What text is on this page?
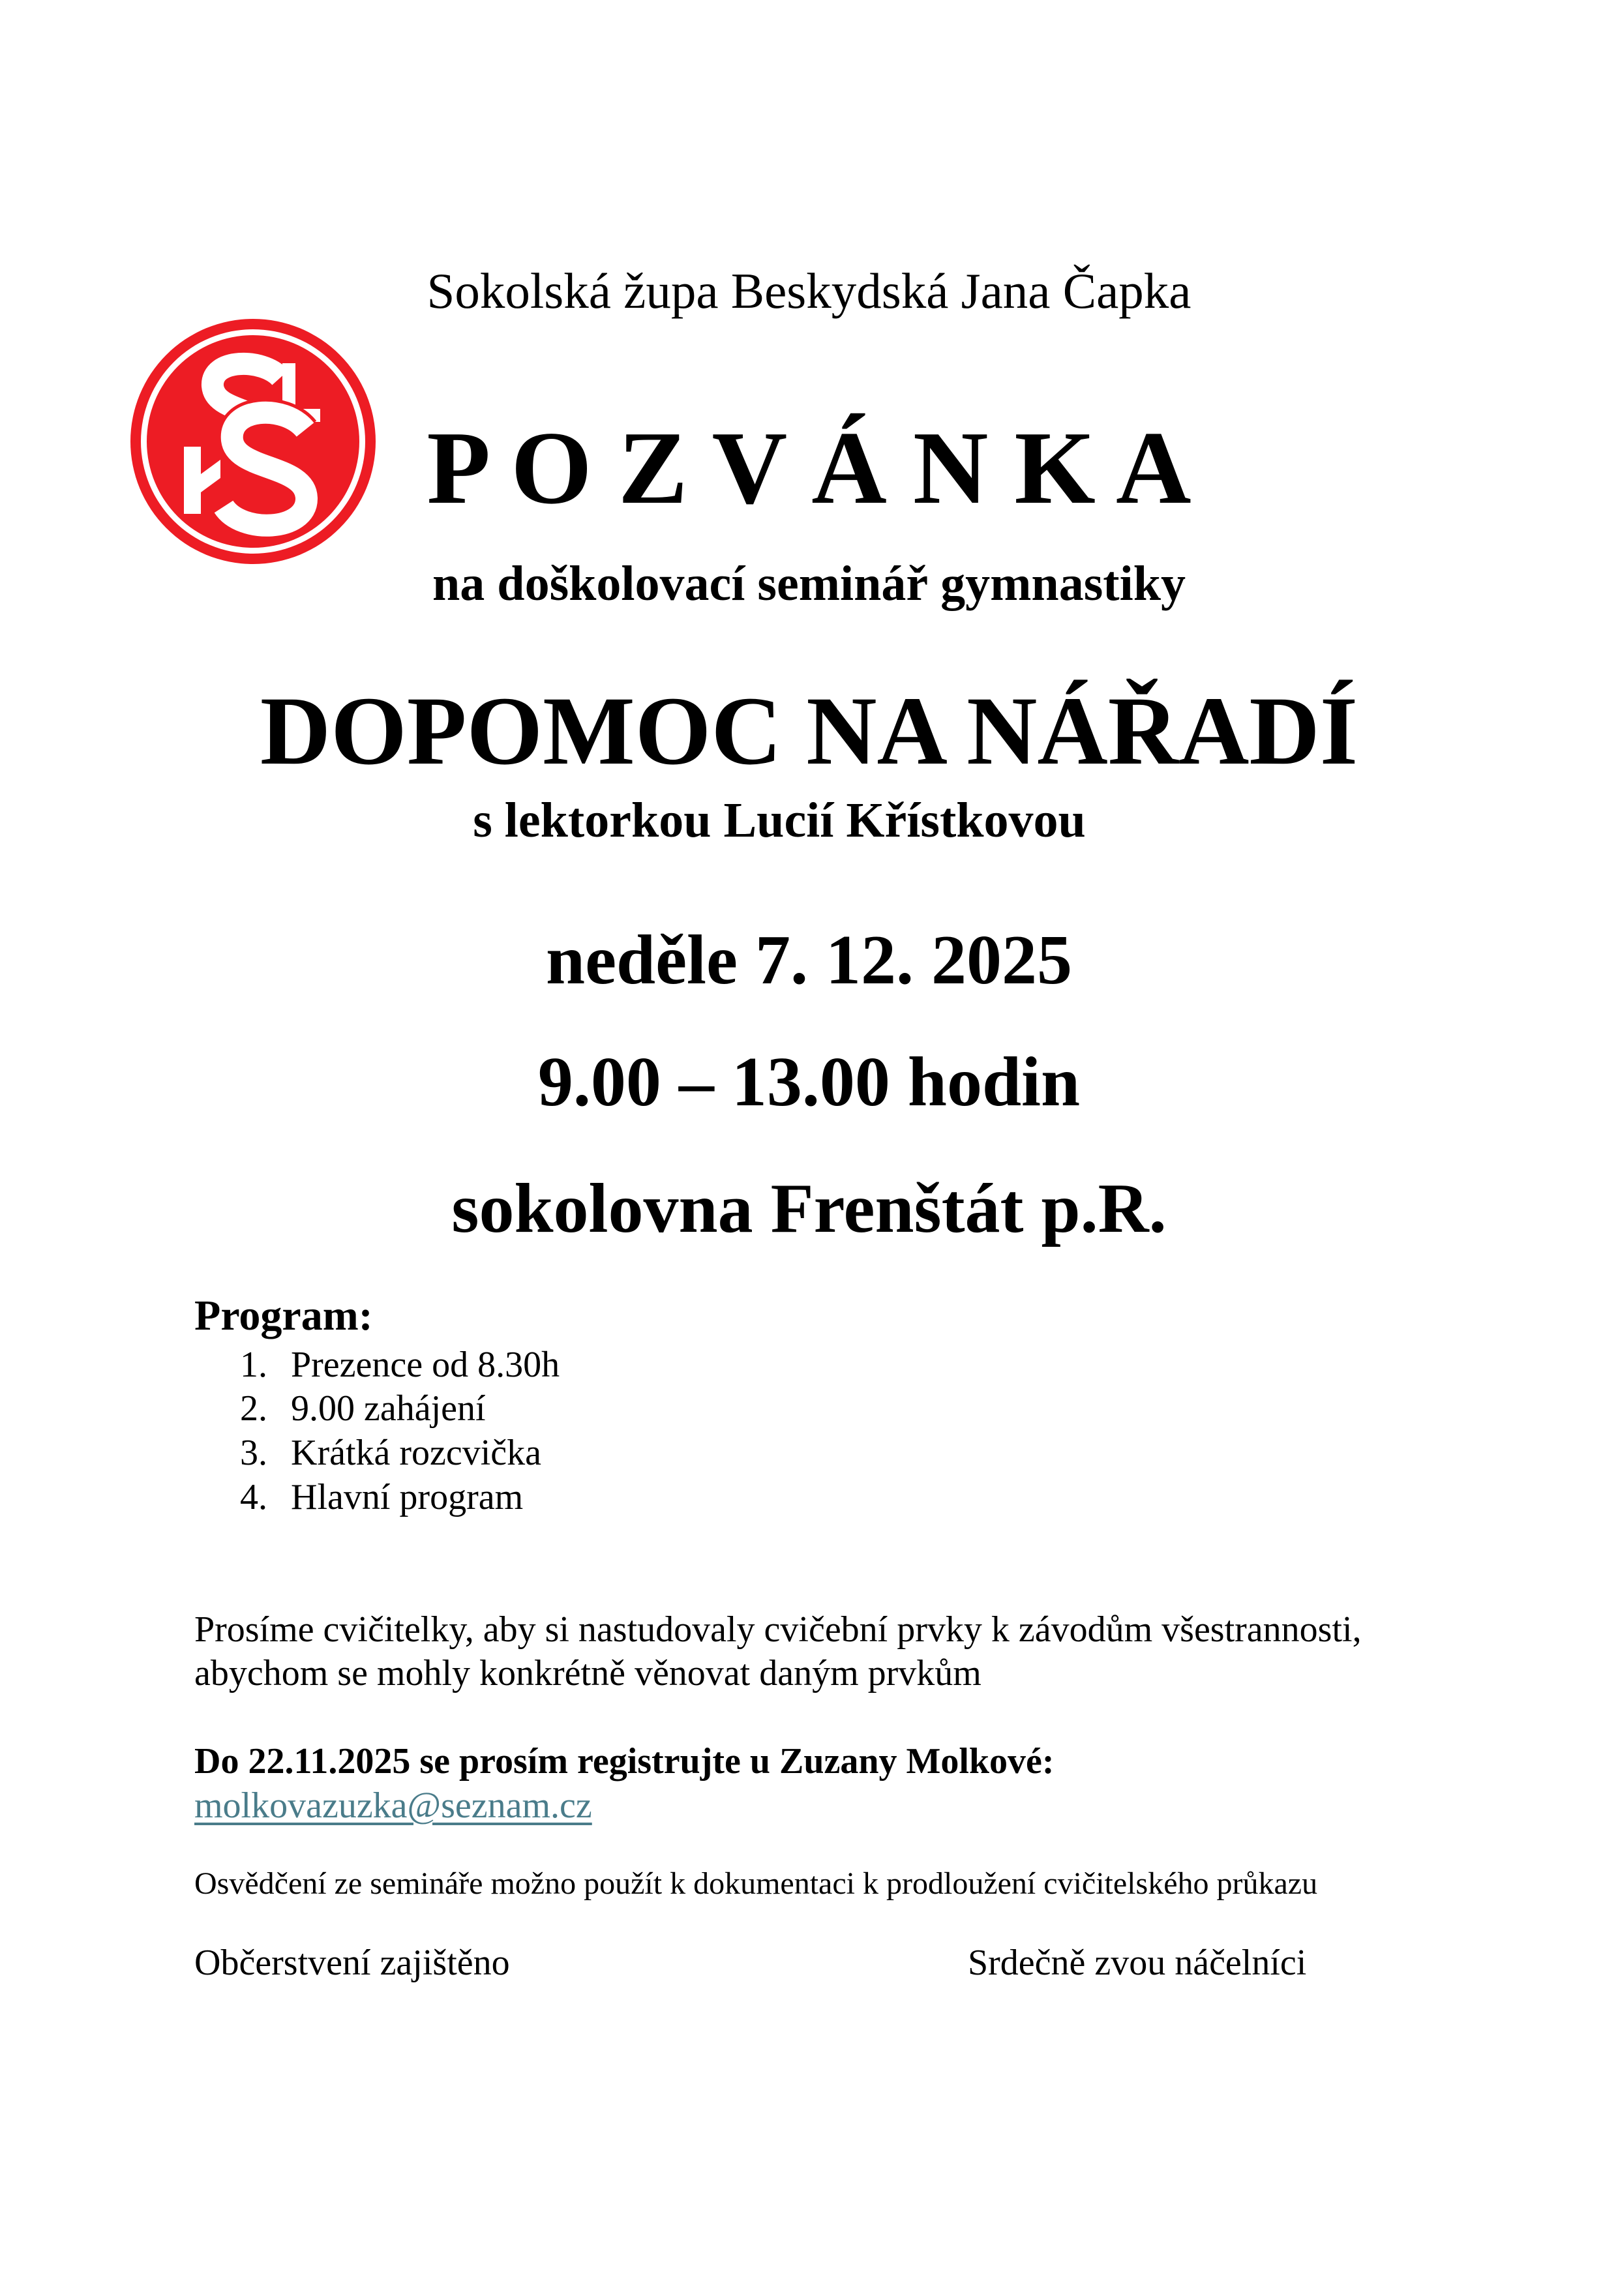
Sokolská župa Beskydská Jana Čapka

P O Z V Á N K A

na doškolovací seminář gymnastiky

DOPOMOC NA NÁŘADÍ

s lektorkou Lucií Křístkovou

neděle 7. 12. 2025

9.00 – 13.00 hodin

sokolovna Frenštát p.R.

Program:

1. Prezence od 8.30h
2. 9.00 zahájení
3. Krátká rozcvička
4. Hlavní program

Prosíme cvičitelky, aby si nastudovaly cvičební prvky k závodům všestrannosti,

abychom se mohly konkrétně věnovat daným prvkům

Do 22.11.2025 se prosím registrujte u Zuzany Molkové:

molkovazuzka@seznam.cz

Osvědčení ze semináře možno použít k dokumentaci k prodloužení cvičitelského průkazu

Občerstvení zajištěno	Srdečně zvou náčelníci
